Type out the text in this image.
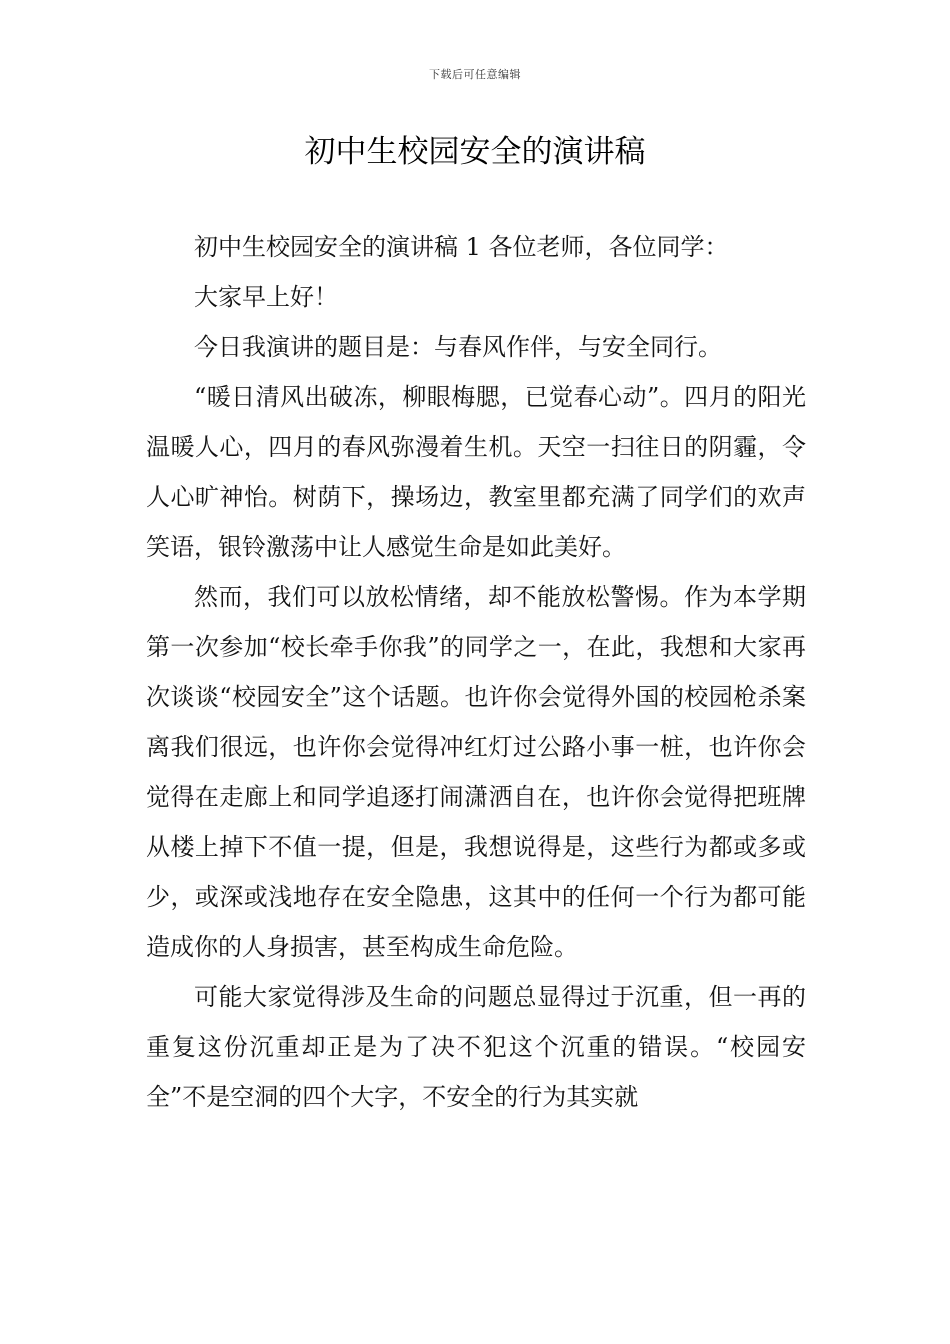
下载后可任意编辑
初中生校园安全的演讲稿

初中生校园安全的演讲稿 1 各位老师，各位同学：

大家早上好！

今日我演讲的题目是：与春风作伴，与安全同行。

“暖日清风出破冻，柳眼梅腮，已觉春心动”。四月的阳光温暖人心，四月的春风弥漫着生机。天空一扫往日的阴霾，令人心旷神怡。树荫下，操场边，教室里都充满了同学们的欢声笑语，银铃激荡中让人感觉生命是如此美好。

然而，我们可以放松情绪，却不能放松警惕。作为本学期第一次参加“校长牵手你我”的同学之一，在此，我想和大家再次谈谈“校园安全”这个话题。也许你会觉得外国的校园枪杀案离我们很远，也许你会觉得冲红灯过公路小事一桩，也许你会觉得在走廊上和同学追逐打闹潇洒自在，也许你会觉得把班牌从楼上掉下不值一提，但是，我想说得是，这些行为都或多或少，或深或浅地存在安全隐患，这其中的任何一个行为都可能造成你的人身损害，甚至构成生命危险。

可能大家觉得涉及生命的问题总显得过于沉重，但一再的重复这份沉重却正是为了决不犯这个沉重的错误。“校园安全”不是空洞的四个大字，不安全的行为其实就
